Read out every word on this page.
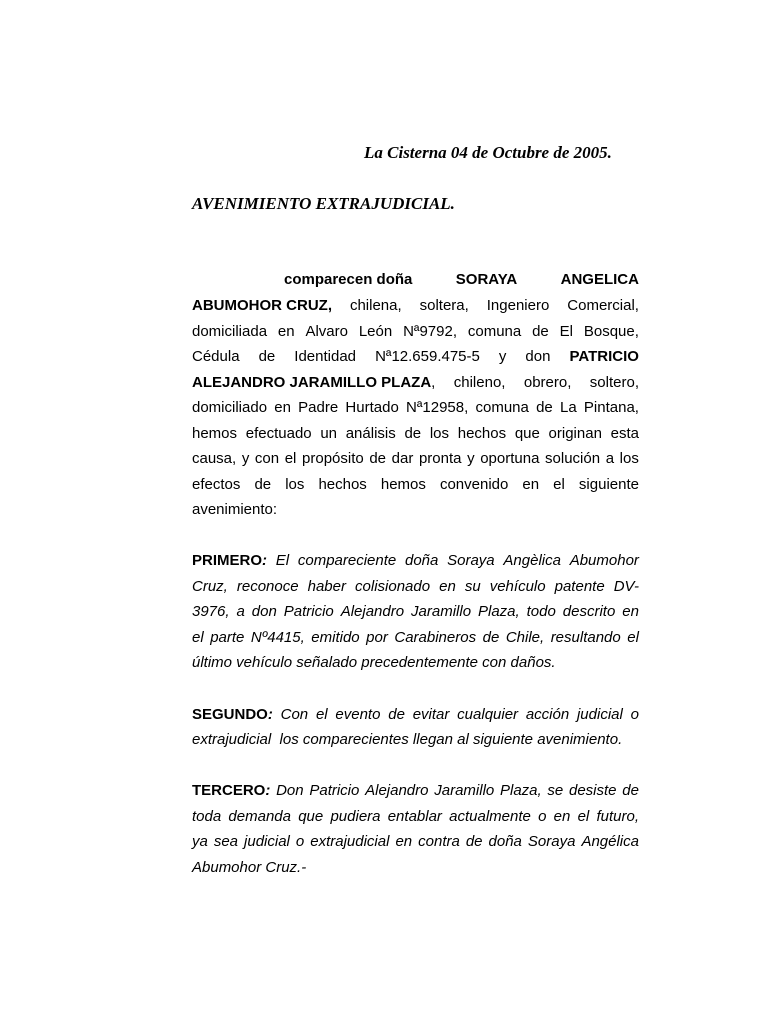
La Cisterna 04 de Octubre de 2005.
AVENIMIENTO EXTRAJUDICIAL.
comparecen doña	SORAYA	ANGELICA
ABUMOHOR CRUZ, chilena, soltera, Ingeniero Comercial,
domiciliada en Alvaro León Nª9792, comuna de El Bosque,
Cédula de Identidad Nª12.659.475-5 y don PATRICIO
ALEJANDRO JARAMILLO PLAZA, chileno, obrero, soltero,
domiciliado en Padre Hurtado Nª12958, comuna de La Pintana,
hemos efectuado un análisis de los hechos que originan esta
causa, y con el propósito de dar pronta y oportuna solución a los
efectos de los hechos hemos convenido en el siguiente
avenimiento:
PRIMERO: El compareciente doña Soraya Angèlica Abumohor
Cruz, reconoce haber colisionado en su vehículo patente DV-
3976, a don Patricio Alejandro Jaramillo Plaza, todo descrito en
el parte Nº4415, emitido por Carabineros de Chile, resultando el
último vehículo señalado precedentemente con daños.
SEGUNDO: Con el evento de evitar cualquier acción judicial o
extrajudicial  los comparecientes llegan al siguiente avenimiento.
TERCERO: Don Patricio Alejandro Jaramillo Plaza, se desiste de
toda demanda que pudiera entablar actualmente o en el futuro,
ya sea judicial o extrajudicial en contra de doña Soraya Angélica
Abumohor Cruz.-
